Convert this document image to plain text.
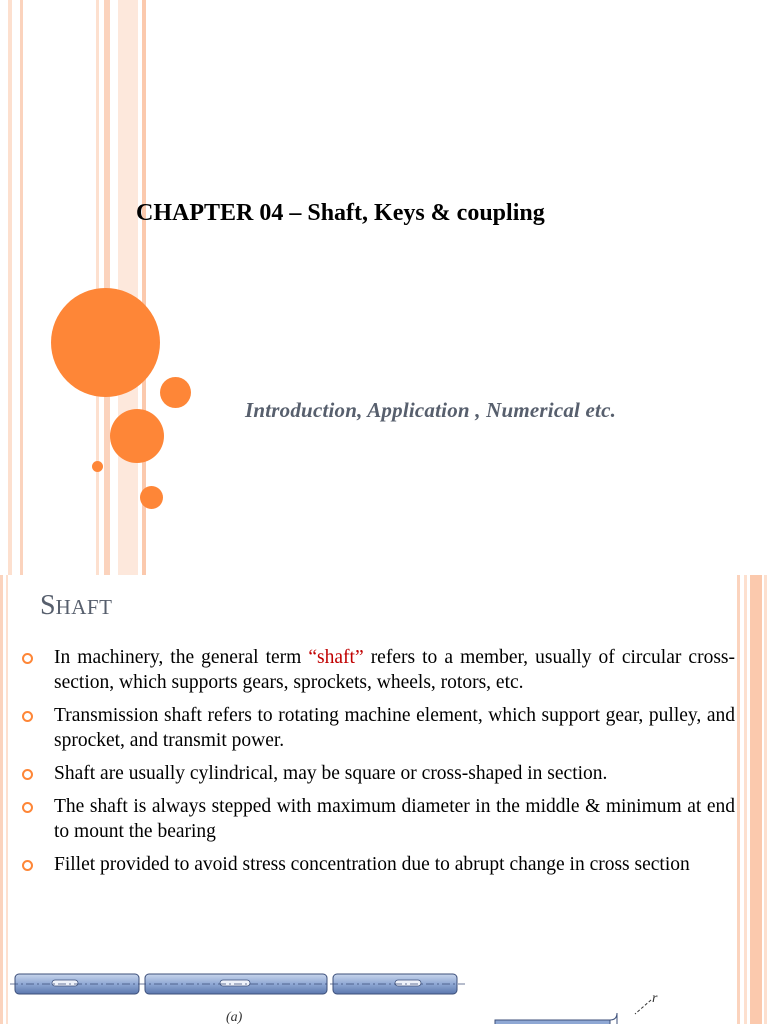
CHAPTER 04 – Shaft, Keys & coupling
Introduction, Application , Numerical etc.
SHAFT
In machinery, the general term “shaft” refers to a member, usually of circular cross-section, which supports gears, sprockets, wheels, rotors, etc.
Transmission shaft refers to rotating machine element, which support gear, pulley, and sprocket, and transmit power.
Shaft are usually cylindrical, may be square or cross-shaped in section.
The shaft is always stepped with maximum diameter in the middle & minimum at end to mount the bearing
Fillet provided to avoid stress concentration due to abrupt change in cross section
(a)
r
